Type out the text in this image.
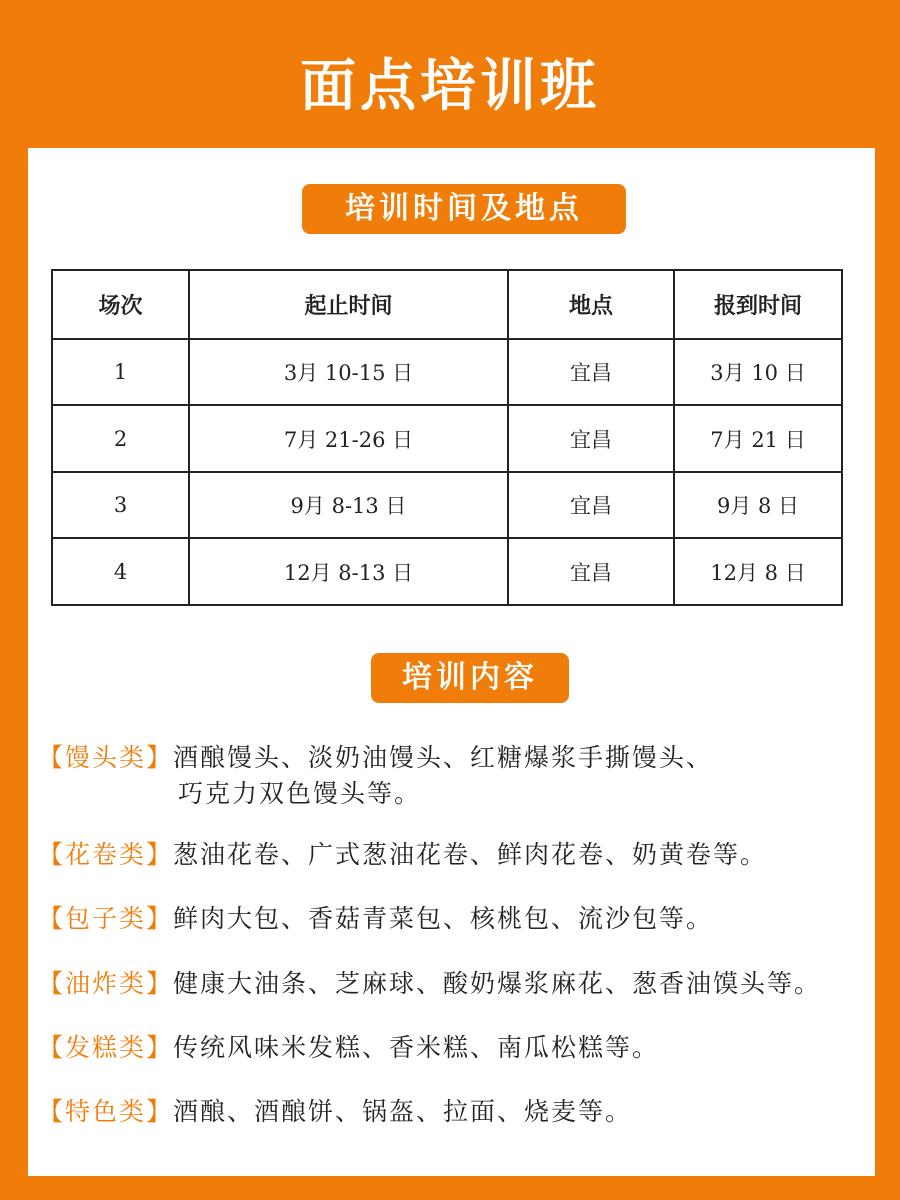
面点培训班
培训时间及地点
场次	起止时间	地点	报到时间
1	3月 10-15 日	宜昌	3月 10 日
2	7月 21-26 日	宜昌	7月 21 日
3	9月 8-13 日	宜昌	9月 8 日
4	12月 8-13 日	宜昌	12月 8 日
培训内容
【馒头类】酒酿馒头、淡奶油馒头、红糖爆浆手撕馒头、
巧克力双色馒头等。
【花卷类】葱油花卷、广式葱油花卷、鲜肉花卷、奶黄卷等。
【包子类】鲜肉大包、香菇青菜包、核桃包、流沙包等。
【油炸类】健康大油条、芝麻球、酸奶爆浆麻花、葱香油馍头等。
【发糕类】传统风味米发糕、香米糕、南瓜松糕等。
【特色类】酒酿、酒酿饼、锅盔、拉面、烧麦等。
